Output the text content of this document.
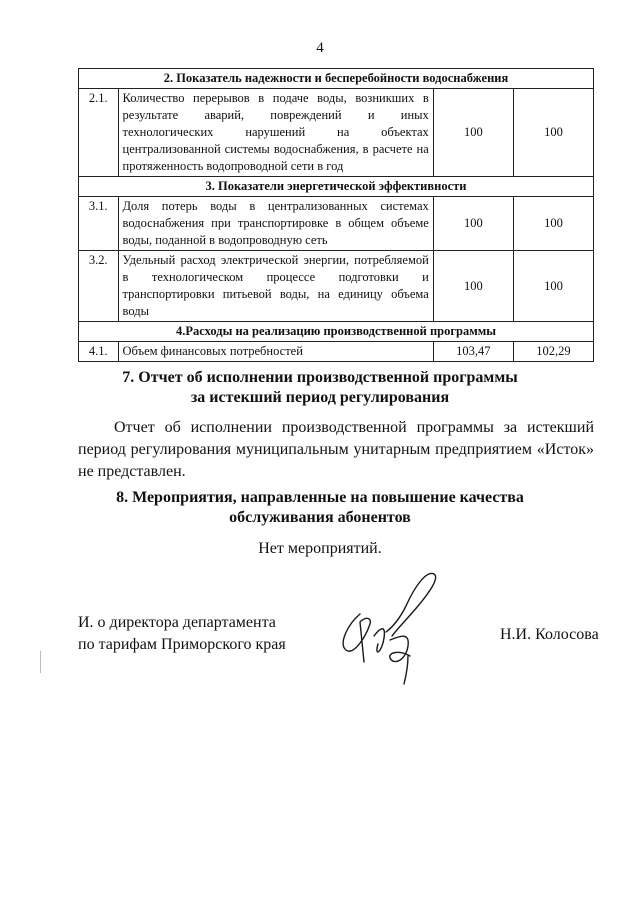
4
2. Показатель надежности и бесперебойности водоснабжения			
2.1.	Количество перерывов в подаче воды, возникших в результате аварий, повреждений и иных технологических нарушений на объектах централизованной системы водоснабжения, в расчете на протяженность водопроводной сети в год	100	100
3. Показатели энергетической эффективности			
3.1.	Доля потерь воды в централизованных системах водоснабжения при транспортировке в общем объеме воды, поданной в водопроводную сеть	100	100
3.2.	Удельный расход электрической энергии, потребляемой в технологическом процессе подготовки и транспортировки питьевой воды, на единицу объема воды	100	100
4.Расходы на реализацию производственной программы			
4.1.	Объем финансовых потребностей	103,47	102,29
7. Отчет об исполнении производственной программы
за истекший период регулирования
Отчет об исполнении производственной программы за истекший период регулирования муниципальным унитарным предприятием «Исток» не представлен.
8. Мероприятия, направленные на повышение качества
обслуживания абонентов
Нет мероприятий.
И. о директора департамента
по тарифам Приморского края
Н.И. Колосова
